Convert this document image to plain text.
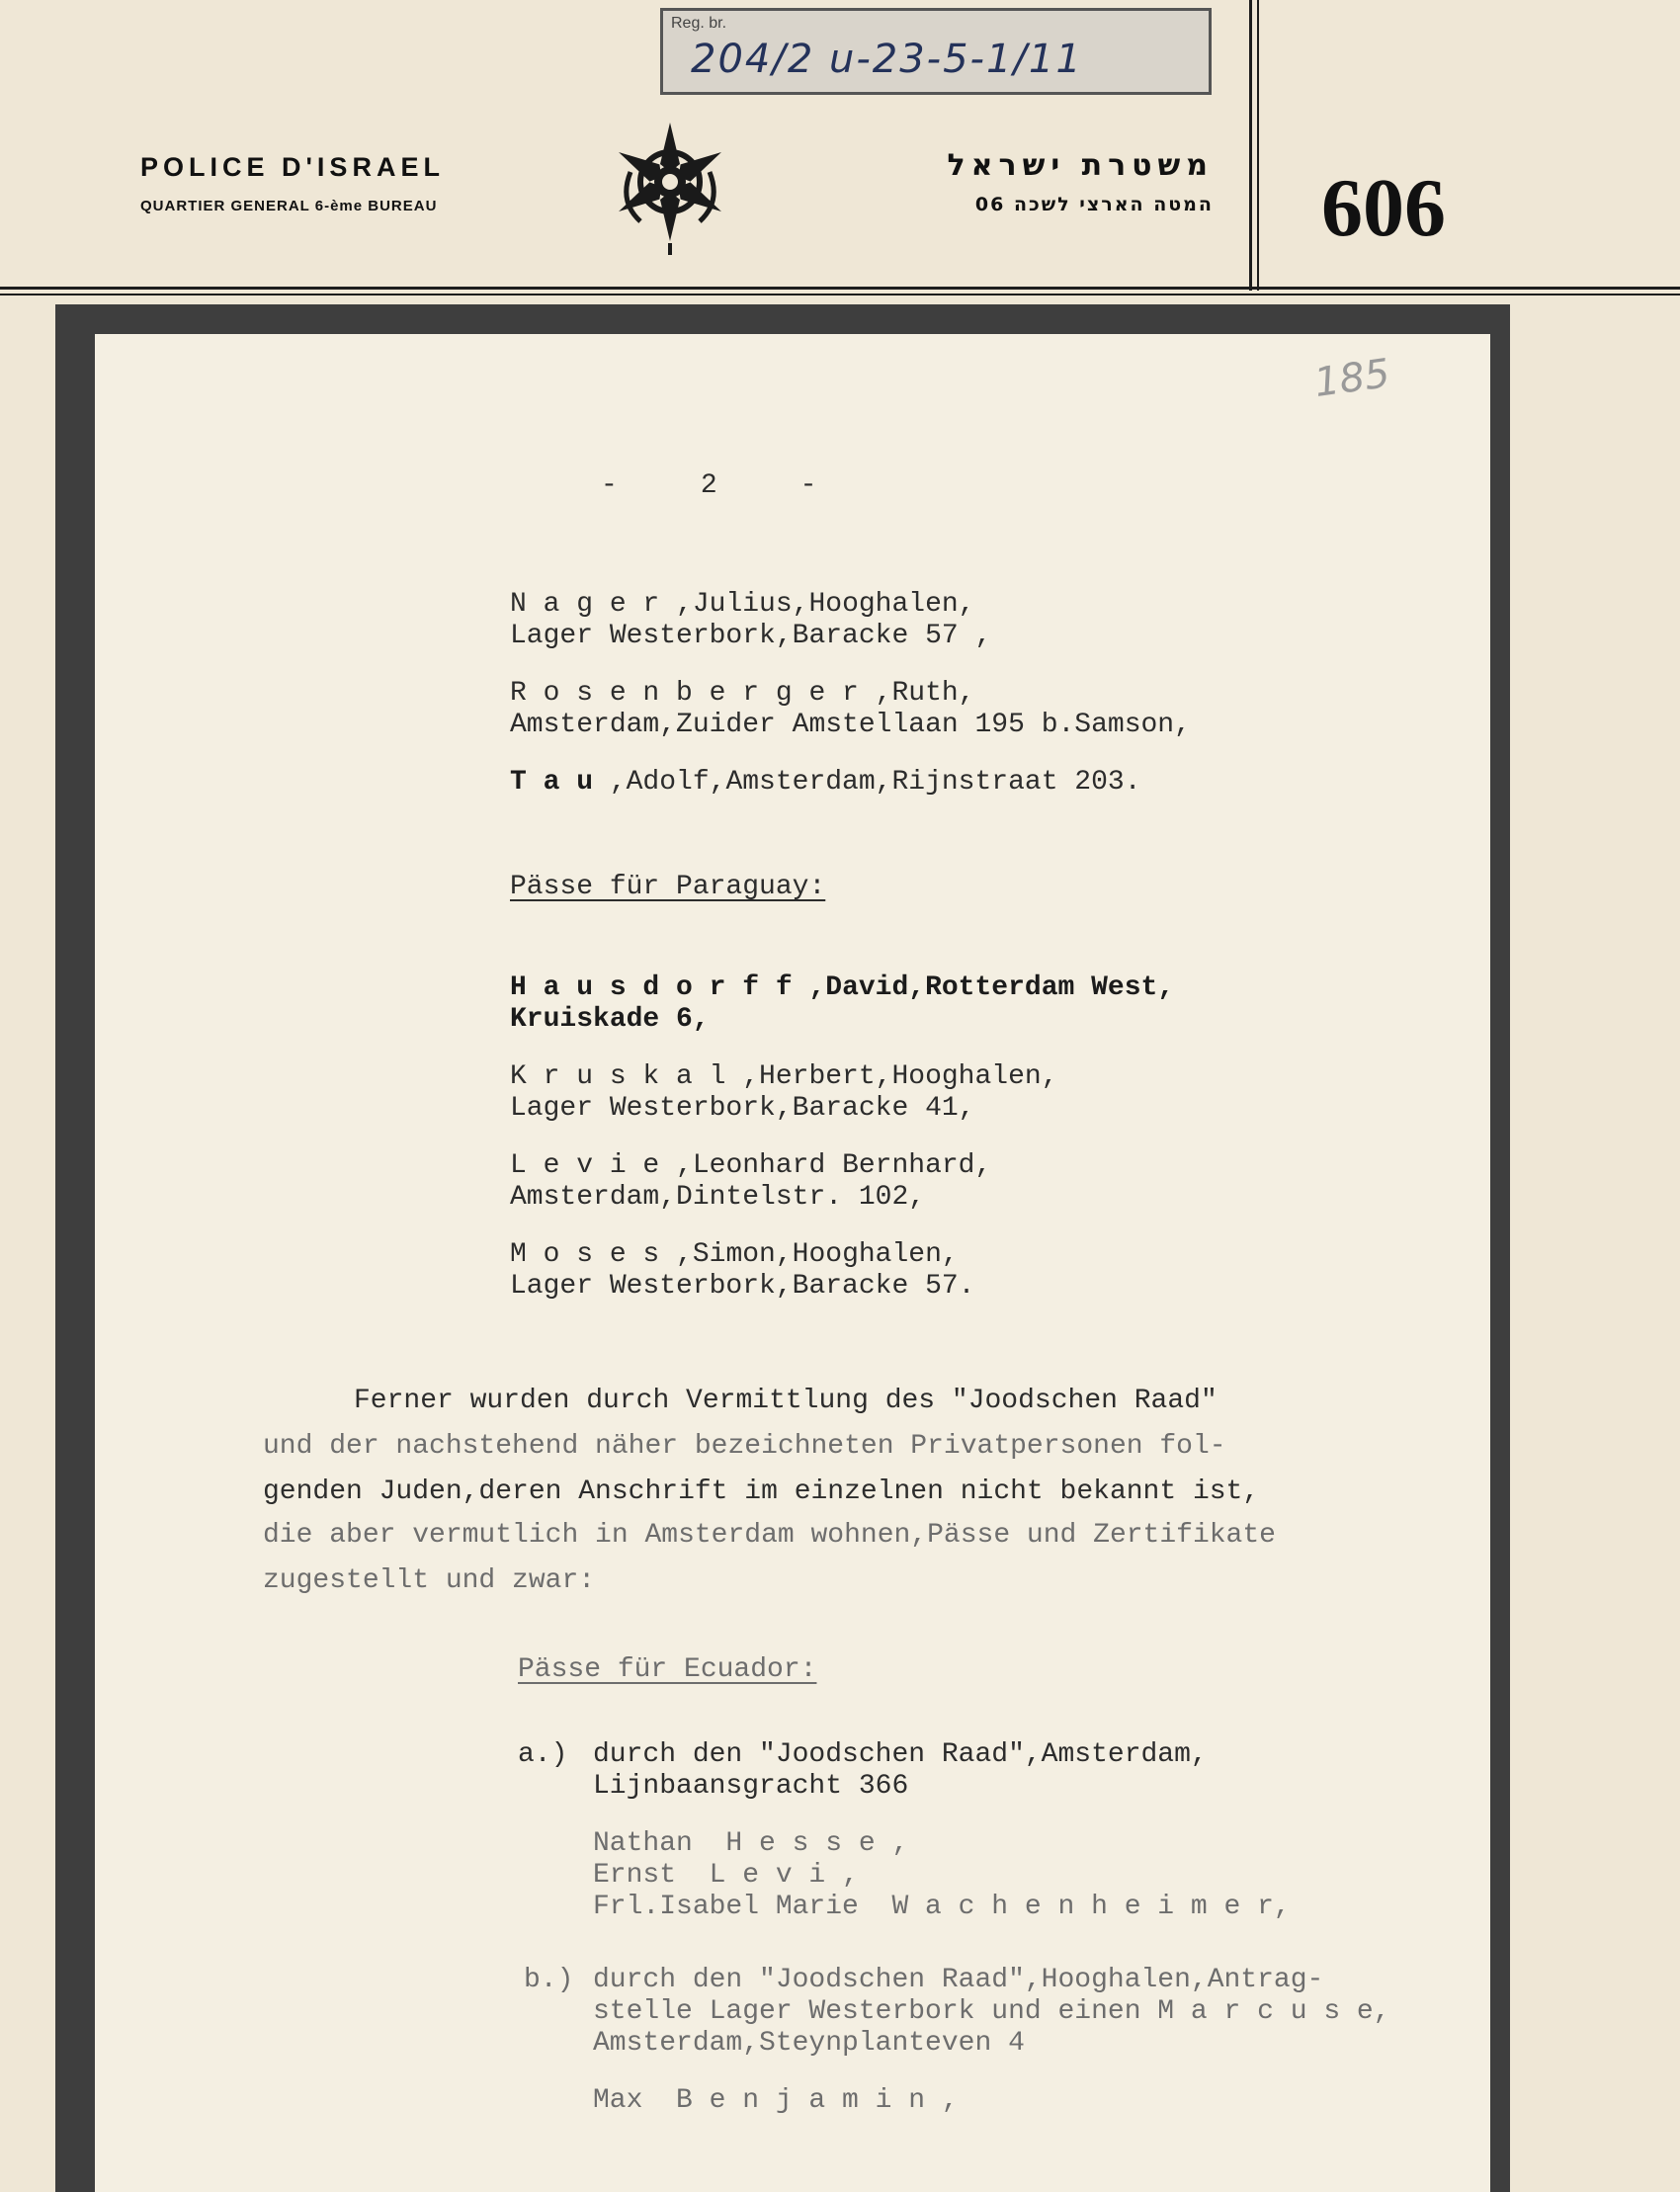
Reg. br.
204/2 u-23-5-1/11
POLICE D'ISRAEL
QUARTIER GENERAL 6-ème BUREAU
משטרת ישראל
המטה הארצי לשכה 06	606
185
-     2     -
N a g e r ,Julius,Hooghalen,
Lager Westerbork,Baracke 57 ,
R o s e n b e r g e r ,Ruth,
Amsterdam,Zuider Amstellaan 195 b.Samson,
T a u ,Adolf,Amsterdam,Rijnstraat 203.
Pässe für Paraguay:
H a u s d o r f f ,David,Rotterdam West,
Kruiskade 6,
K r u s k a l ,Herbert,Hooghalen,
Lager Westerbork,Baracke 41,
L e v i e ,Leonhard Bernhard,
Amsterdam,Dintelstr. 102,
M o s e s ,Simon,Hooghalen,
Lager Westerbork,Baracke 57.
Ferner wurden durch Vermittlung des "Joodschen Raad"
und der nachstehend näher bezeichneten Privatpersonen fol-
genden Juden,deren Anschrift im einzelnen nicht bekannt ist,
die aber vermutlich in Amsterdam wohnen,Pässe und Zertifikate
zugestellt und zwar:
Pässe für Ecuador:
a.) durch den "Joodschen Raad",Amsterdam,
Lijnbaansgracht 366
Nathan  H e s s e ,
Ernst  L e v i ,
Frl.Isabel Marie  W a c h e n h e i m e r,
b.) durch den "Joodschen Raad",Hooghalen,Antrag-
stelle Lager Westerbork und einen M a r c u s e,
Amsterdam,Steynplanteven 4
Max  B e n j a m i n ,
